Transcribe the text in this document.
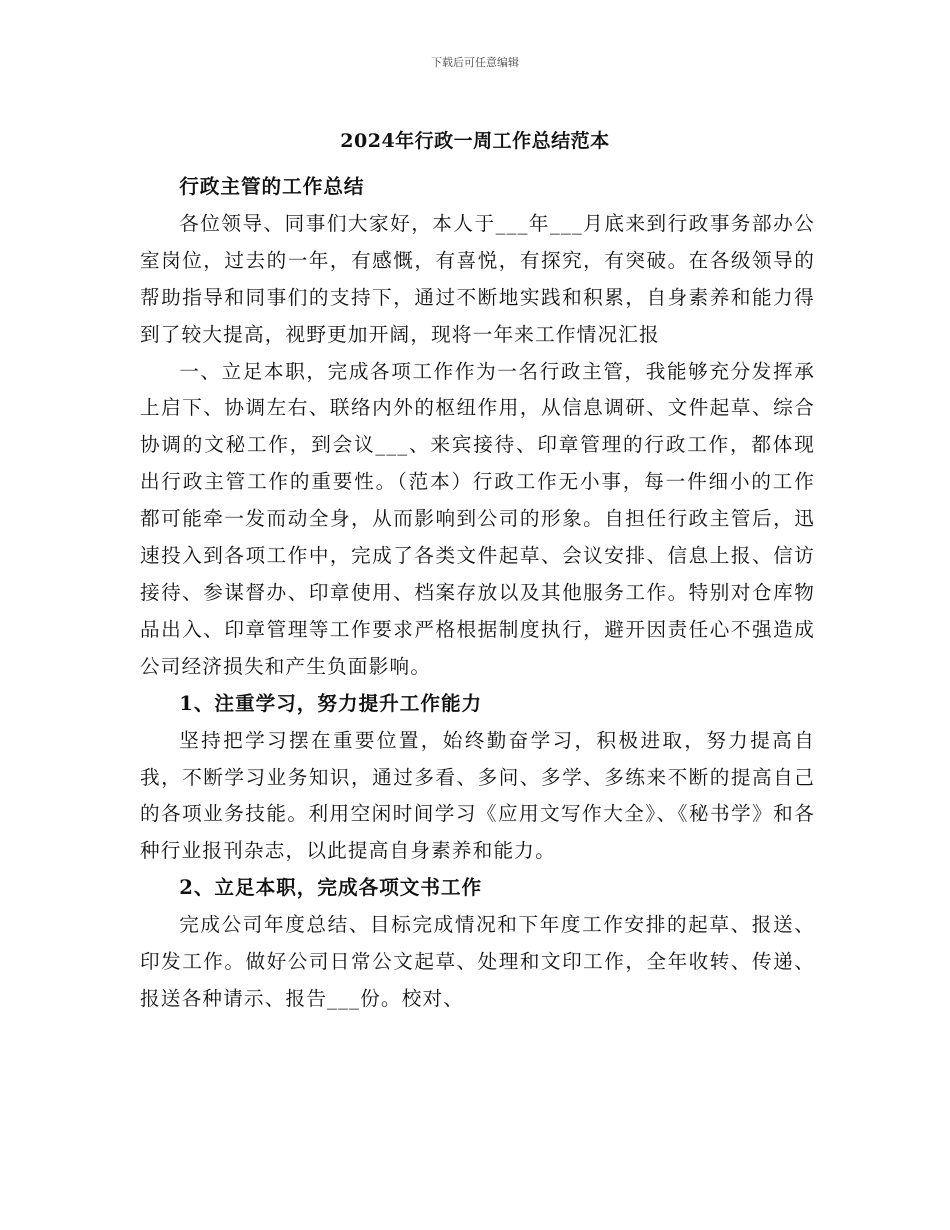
下载后可任意编辑
2024年行政一周工作总结范本

行政主管的工作总结

各位领导、同事们大家好，本人于___年___月底来到行政事务部办公室岗位，过去的一年，有感慨，有喜悦，有探究，有突破。在各级领导的帮助指导和同事们的支持下，通过不断地实践和积累，自身素养和能力得到了较大提高，视野更加开阔，现将一年来工作情况汇报

一、立足本职，完成各项工作作为一名行政主管，我能够充分发挥承上启下、协调左右、联络内外的枢纽作用，从信息调研、文件起草、综合协调的文秘工作，到会议___、来宾接待、印章管理的行政工作，都体现出行政主管工作的重要性。（范本）行政工作无小事，每一件细小的工作都可能牵一发而动全身，从而影响到公司的形象。自担任行政主管后，迅速投入到各项工作中，完成了各类文件起草、会议安排、信息上报、信访接待、参谋督办、印章使用、档案存放以及其他服务工作。特别对仓库物品出入、印章管理等工作要求严格根据制度执行，避开因责任心不强造成公司经济损失和产生负面影响。

1、注重学习，努力提升工作能力

坚持把学习摆在重要位置，始终勤奋学习，积极进取，努力提高自我，不断学习业务知识，通过多看、多问、多学、多练来不断的提高自己的各项业务技能。利用空闲时间学习《应用文写作大全》、《秘书学》和各种行业报刊杂志，以此提高自身素养和能力。

2、立足本职，完成各项文书工作

完成公司年度总结、目标完成情况和下年度工作安排的起草、报送、印发工作。做好公司日常公文起草、处理和文印工作，全年收转、传递、报送各种请示、报告___份。校对、
